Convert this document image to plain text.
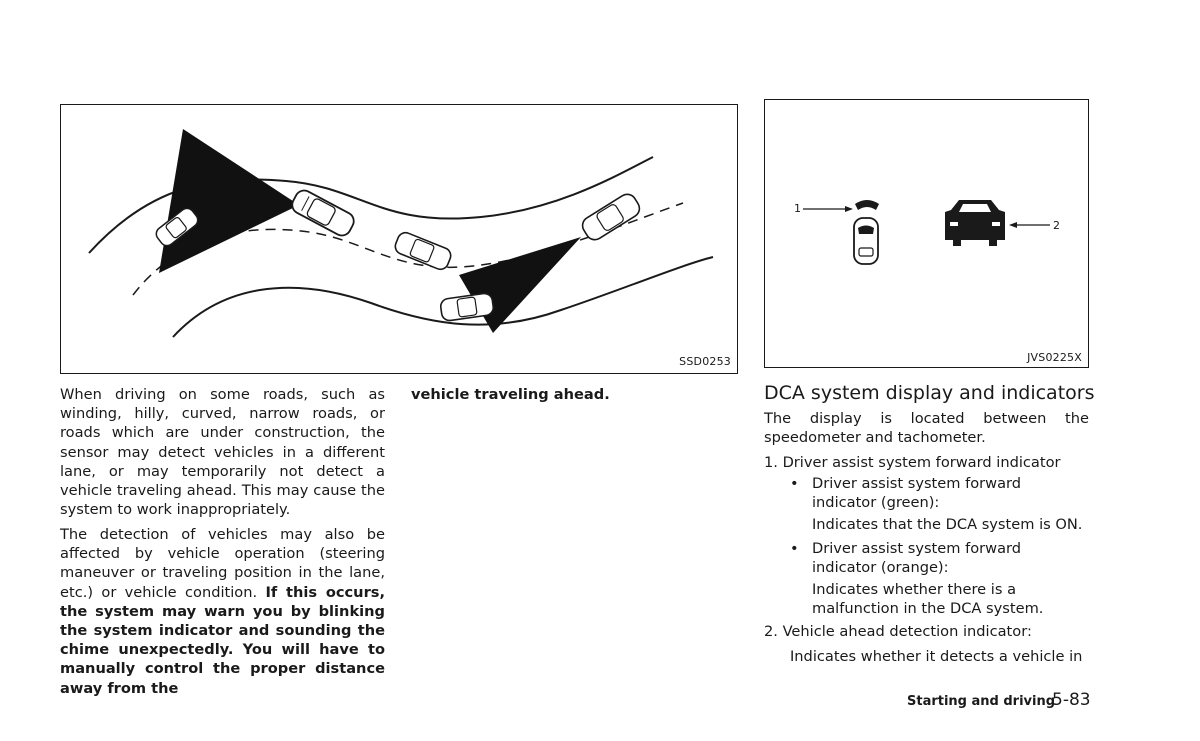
SSD0253
1
2
JVS0225X

When driving on some roads, such as winding, hilly, curved, narrow roads, or roads which are under construction, the sensor may detect vehicles in a different lane, or may temporarily not detect a vehicle traveling ahead. This may cause the system to work inappropriately.

The detection of vehicles may also be affected by vehicle operation (steering maneuver or traveling position in the lane, etc.) or vehicle condition. If this occurs, the system may warn you by blinking the system indicator and sounding the chime unexpectedly. You will have to manually control the proper distance away from the

vehicle traveling ahead.	DCA system display and indicators

The display is located between the speedometer and tachometer.

1. Driver assist system forward indicator

• Driver assist system forward indicator (green):

Indicates that the DCA system is ON.

• Driver assist system forward indicator (orange):

Indicates whether there is a malfunction in the DCA system.

2. Vehicle ahead detection indicator:

Indicates whether it detects a vehicle in

Starting and driving
5-83
